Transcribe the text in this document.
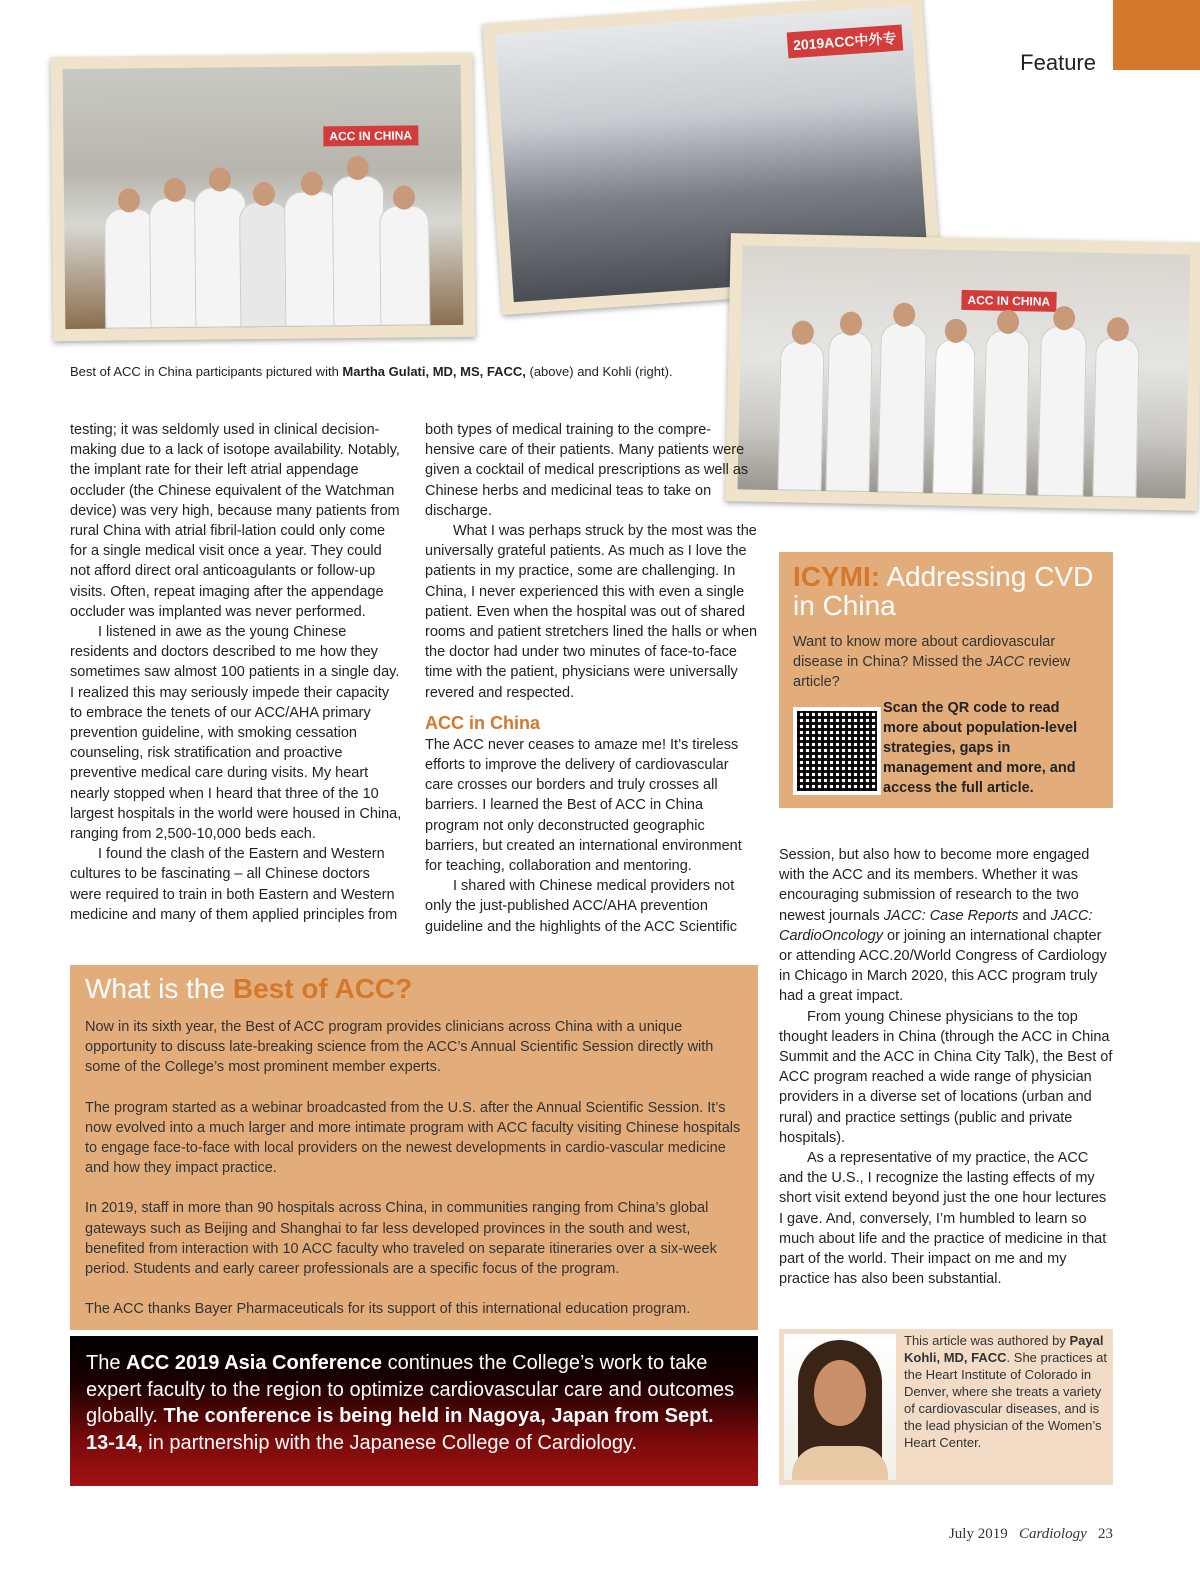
Feature
ACC IN CHINA
2019ACC中外专
ACC IN CHINA
Best of ACC in China participants pictured with Martha Gulati, MD, MS, FACC, (above) and Kohli (right).

testing; it was seldomly used in clinical decision-making due to a lack of isotope availability. Notably, the implant rate for their left atrial appendage occluder (the Chinese equivalent of the Watchman device) was very high, because many patients from rural China with atrial fibril-lation could only come for a single medical visit once a year. They could not afford direct oral anticoagulants or follow-up visits. Often, repeat imaging after the appendage occluder was implanted was never performed.

I listened in awe as the young Chinese residents and doctors described to me how they sometimes saw almost 100 patients in a single day. I realized this may seriously impede their capacity to embrace the tenets of our ACC/AHA primary prevention guideline, with smoking cessation counseling, risk stratification and proactive preventive medical care during visits. My heart nearly stopped when I heard that three of the 10 largest hospitals in the world were housed in China, ranging from 2,500-10,000 beds each.

I found the clash of the Eastern and Western cultures to be fascinating – all Chinese doctors were required to train in both Eastern and Western medicine and many of them applied principles from

both types of medical training to the compre-hensive care of their patients. Many patients were given a cocktail of medical prescriptions as well as Chinese herbs and medicinal teas to take on discharge.

What I was perhaps struck by the most was the universally grateful patients. As much as I love the patients in my practice, some are challenging. In China, I never experienced this with even a single patient. Even when the hospital was out of shared rooms and patient stretchers lined the halls or when the doctor had under two minutes of face-to-face time with the patient, physicians were universally revered and respected.

ACC in China

The ACC never ceases to amaze me! It’s tireless efforts to improve the delivery of cardiovascular care crosses our borders and truly crosses all barriers. I learned the Best of ACC in China program not only deconstructed geographic barriers, but created an international environment for teaching, collaboration and mentoring.

I shared with Chinese medical providers not only the just-published ACC/AHA prevention guideline and the highlights of the ACC Scientific

ICYMI: Addressing CVD in China
Want to know more about cardiovascular disease in China? Missed the JACC review article?
Scan the QR code to read more about population-level strategies, gaps in management and more, and access the full article.

Session, but also how to become more engaged with the ACC and its members. Whether it was encouraging submission of research to the two newest journals JACC: Case Reports and JACC: CardioOncology or joining an international chapter or attending ACC.20/World Congress of Cardiology in Chicago in March 2020, this ACC program truly had a great impact.

From young Chinese physicians to the top thought leaders in China (through the ACC in China Summit and the ACC in China City Talk), the Best of ACC program reached a wide range of physician providers in a diverse set of locations (urban and rural) and practice settings (public and private hospitals).

As a representative of my practice, the ACC and the U.S., I recognize the lasting effects of my short visit extend beyond just the one hour lectures I gave. And, conversely, I’m humbled to learn so much about life and the practice of medicine in that part of the world. Their impact on me and my practice has also been substantial.

What is the Best of ACC?

Now in its sixth year, the Best of ACC program provides clinicians across China with a unique opportunity to discuss late-breaking science from the ACC’s Annual Scientific Session directly with some of the College’s most prominent member experts.

The program started as a webinar broadcasted from the U.S. after the Annual Scientific Session. It’s now evolved into a much larger and more intimate program with ACC faculty visiting Chinese hospitals to engage face-to-face with local providers on the newest developments in cardio-vascular medicine and how they impact practice.

In 2019, staff in more than 90 hospitals across China, in communities ranging from China’s global gateways such as Beijing and Shanghai to far less developed provinces in the south and west, benefited from interaction with 10 ACC faculty who traveled on separate itineraries over a six-week period. Students and early career professionals are a specific focus of the program.

The ACC thanks Bayer Pharmaceuticals for its support of this international education program.

The ACC 2019 Asia Conference continues the College’s work to take expert faculty to the region to optimize cardiovascular care and outcomes globally. The conference is being held in Nagoya, Japan from Sept. 13-14, in partnership with the Japanese College of Cardiology.
This article was authored by Payal Kohli, MD, FACC. She practices at the Heart Institute of Colorado in Denver, where she treats a variety of cardiovascular diseases, and is the lead physician of the Women’s Heart Center.
July 2019 Cardiology 23
